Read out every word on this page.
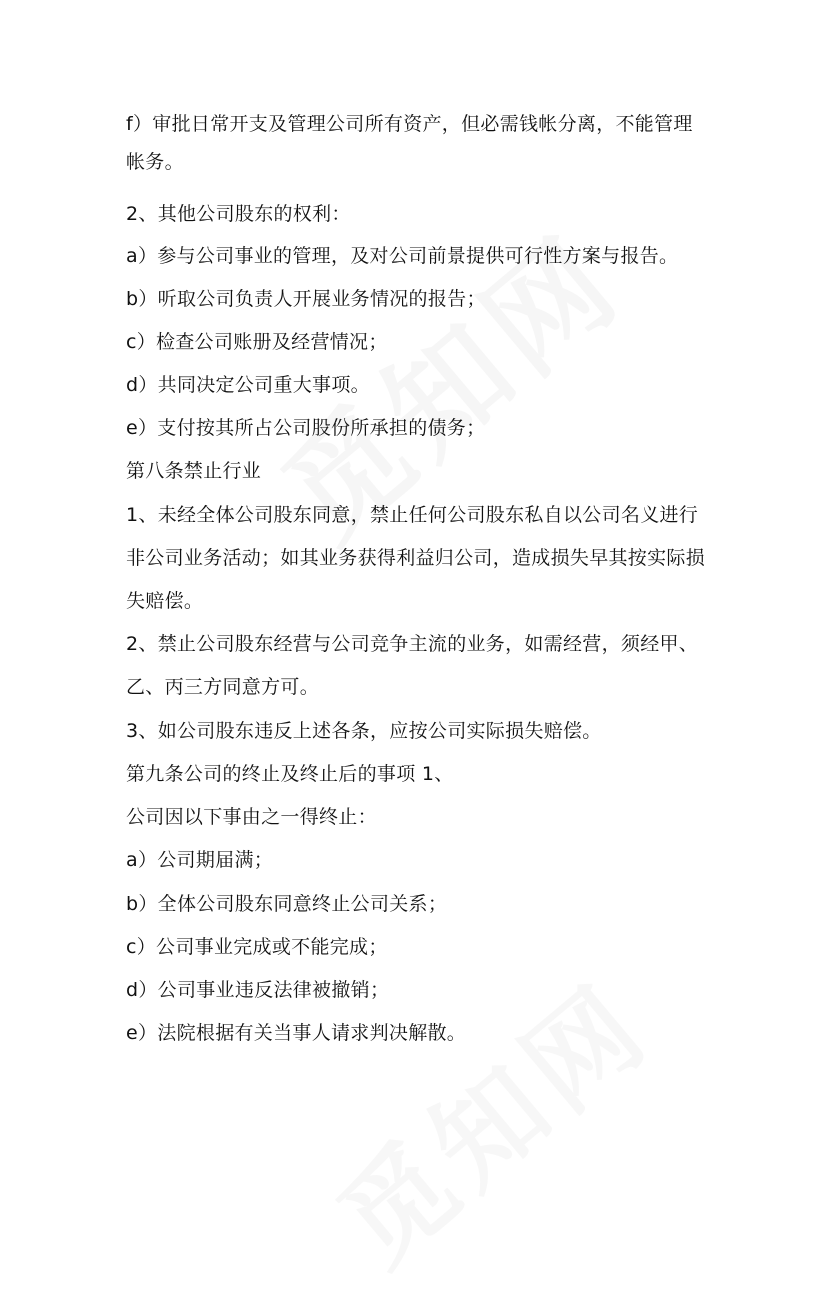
f）审批日常开支及管理公司所有资产，但必需钱帐分离，不能管理
帐务。
2、其他公司股东的权利：
a）参与公司事业的管理，及对公司前景提供可行性方案与报告。
b）听取公司负责人开展业务情况的报告；
c）检查公司账册及经营情况；
d）共同决定公司重大事项。
e）支付按其所占公司股份所承担的债务；
第八条禁止行业
1、未经全体公司股东同意，禁止任何公司股东私自以公司名义进行
非公司业务活动；如其业务获得利益归公司，造成损失早其按实际损
失赔偿。
2、禁止公司股东经营与公司竞争主流的业务，如需经营，须经甲、
乙、丙三方同意方可。
3、如公司股东违反上述各条，应按公司实际损失赔偿。
第九条公司的终止及终止后的事项 1、
公司因以下事由之一得终止：
a）公司期届满；
b）全体公司股东同意终止公司关系；
c）公司事业完成或不能完成；
d）公司事业违反法律被撤销；
e）法院根据有关当事人请求判决解散。
